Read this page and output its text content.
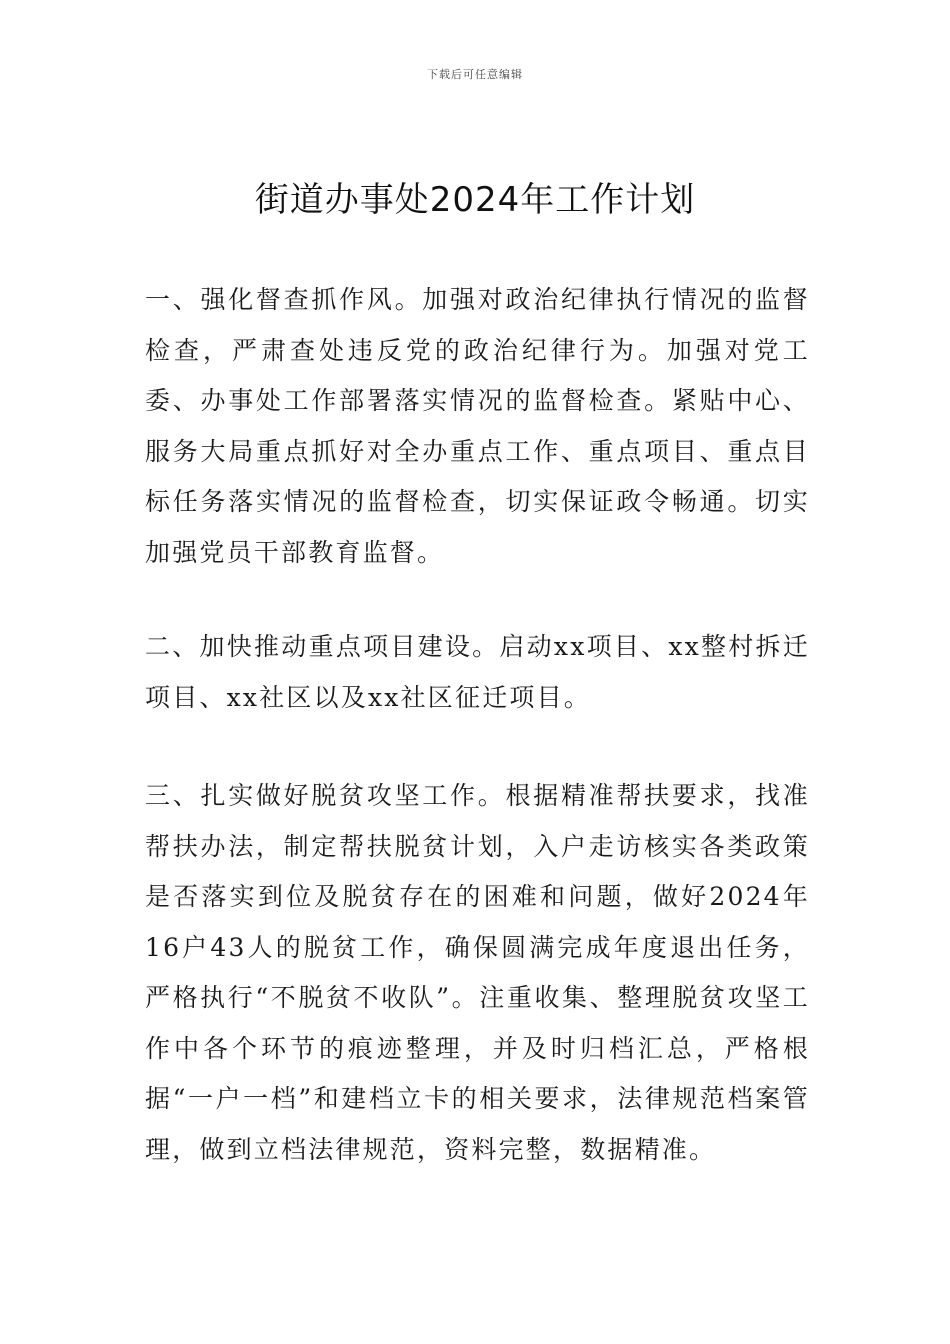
下载后可任意编辑
街道办事处2024年工作计划

一、强化督查抓作风。加强对政治纪律执行情况的监督检查，严肃查处违反党的政治纪律行为。加强对党工委、办事处工作部署落实情况的监督检查。紧贴中心、服务大局重点抓好对全办重点工作、重点项目、重点目标任务落实情况的监督检查，切实保证政令畅通。切实加强党员干部教育监督。

二、加快推动重点项目建设。启动xx项目、xx整村拆迁项目、xx社区以及xx社区征迁项目。

三、扎实做好脱贫攻坚工作。根据精准帮扶要求，找准帮扶办法，制定帮扶脱贫计划，入户走访核实各类政策是否落实到位及脱贫存在的困难和问题，做好2024年16户43人的脱贫工作，确保圆满完成年度退出任务，严格执行“不脱贫不收队”。注重收集、整理脱贫攻坚工作中各个环节的痕迹整理，并及时归档汇总，严格根据“一户一档”和建档立卡的相关要求，法律规范档案管理，做到立档法律规范，资料完整，数据精准。
